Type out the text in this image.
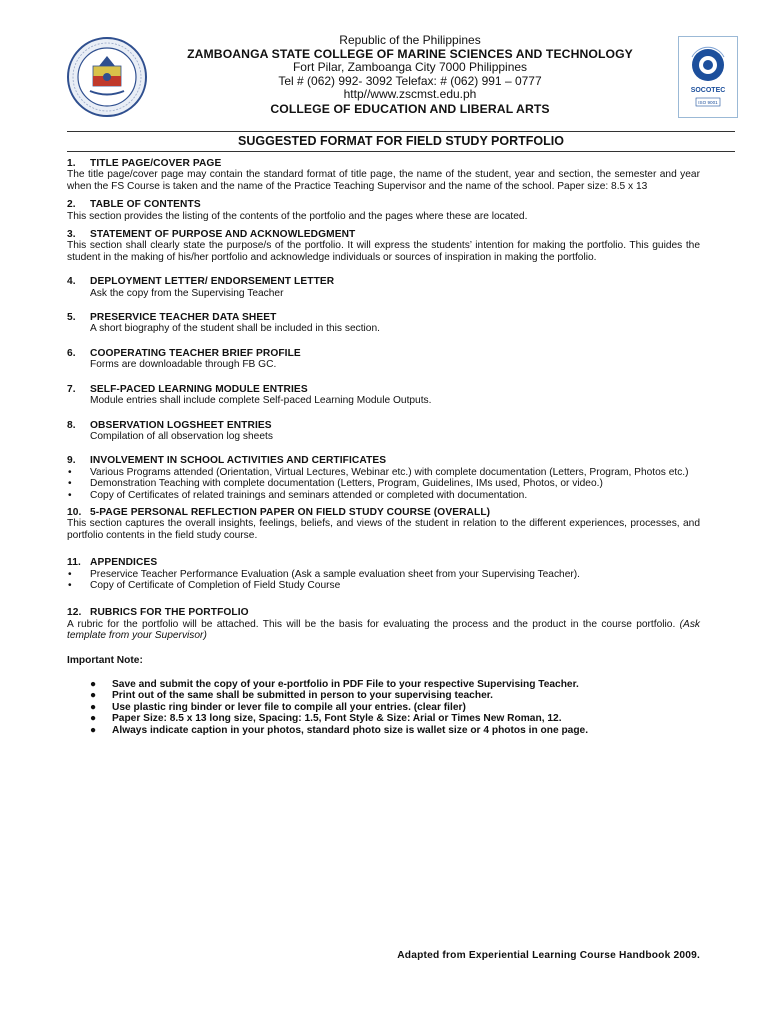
Republic of the Philippines
ZAMBOANGA STATE COLLEGE OF MARINE SCIENCES AND TECHNOLOGY
Fort Pilar, Zamboanga City 7000 Philippines
Tel # (062) 992- 3092 Telefax: # (062) 991 – 0777
http//www.zscmst.edu.ph
COLLEGE OF EDUCATION AND LIBERAL ARTS
SOCOTEC
ISO 9001
SUGGESTED FORMAT FOR FIELD STUDY PORTFOLIO
1. TITLE PAGE/COVER PAGE

The title page/cover page may contain the standard format of title page, the name of the student, year and section, the semester and year when the FS Course is taken and the name of the Practice Teaching Supervisor and the name of the school. Paper size: 8.5 x 13

2. TABLE OF CONTENTS

This section provides the listing of the contents of the portfolio and the pages where these are located.

3. STATEMENT OF PURPOSE AND ACKNOWLEDGMENT

This section shall clearly state the purpose/s of the portfolio. It will express the students’ intention for making the portfolio. This guides the student in the making of his/her portfolio and acknowledge individuals or sources of inspiration in making the portfolio.

4. DEPLOYMENT LETTER/ ENDORSEMENT LETTER

Ask the copy from the Supervising Teacher

5. PRESERVICE TEACHER DATA SHEET

A short biography of the student shall be included in this section.

6. COOPERATING TEACHER BRIEF PROFILE

Forms are downloadable through FB GC.

7. SELF-PACED LEARNING MODULE ENTRIES

Module entries shall include complete Self-paced Learning Module Outputs.

8. OBSERVATION LOGSHEET ENTRIES

Compilation of all observation log sheets

9. INVOLVEMENT IN SCHOOL ACTIVITIES AND CERTIFICATES
• Various Programs attended (Orientation, Virtual Lectures, Webinar etc.) with complete documentation (Letters, Program, Photos etc.)
• Demonstration Teaching with complete documentation (Letters, Program, Guidelines, IMs used, Photos, or video.)
• Copy of Certificates of related trainings and seminars attended or completed with documentation.
10. 5-PAGE PERSONAL REFLECTION PAPER ON FIELD STUDY COURSE (OVERALL)

This section captures the overall insights, feelings, beliefs, and views of the student in relation to the different experiences, processes, and portfolio contents in the field study course.

11. APPENDICES
• Preservice Teacher Performance Evaluation (Ask a sample evaluation sheet from your Supervising Teacher).
• Copy of Certificate of Completion of Field Study Course
12. RUBRICS FOR THE PORTFOLIO

A rubric for the portfolio will be attached. This will be the basis for evaluating the process and the product in the course portfolio. (Ask template from your Supervisor)

Important Note:
● Save and submit the copy of your e-portfolio in PDF File to your respective Supervising Teacher.
● Print out of the same shall be submitted in person to your supervising teacher.
● Use plastic ring binder or lever file to compile all your entries. (clear filer)
● Paper Size: 8.5 x 13 long size, Spacing: 1.5, Font Style & Size: Arial or Times New Roman, 12.
● Always indicate caption in your photos, standard photo size is wallet size or 4 photos in one page.
Adapted from Experiential Learning Course Handbook 2009.
